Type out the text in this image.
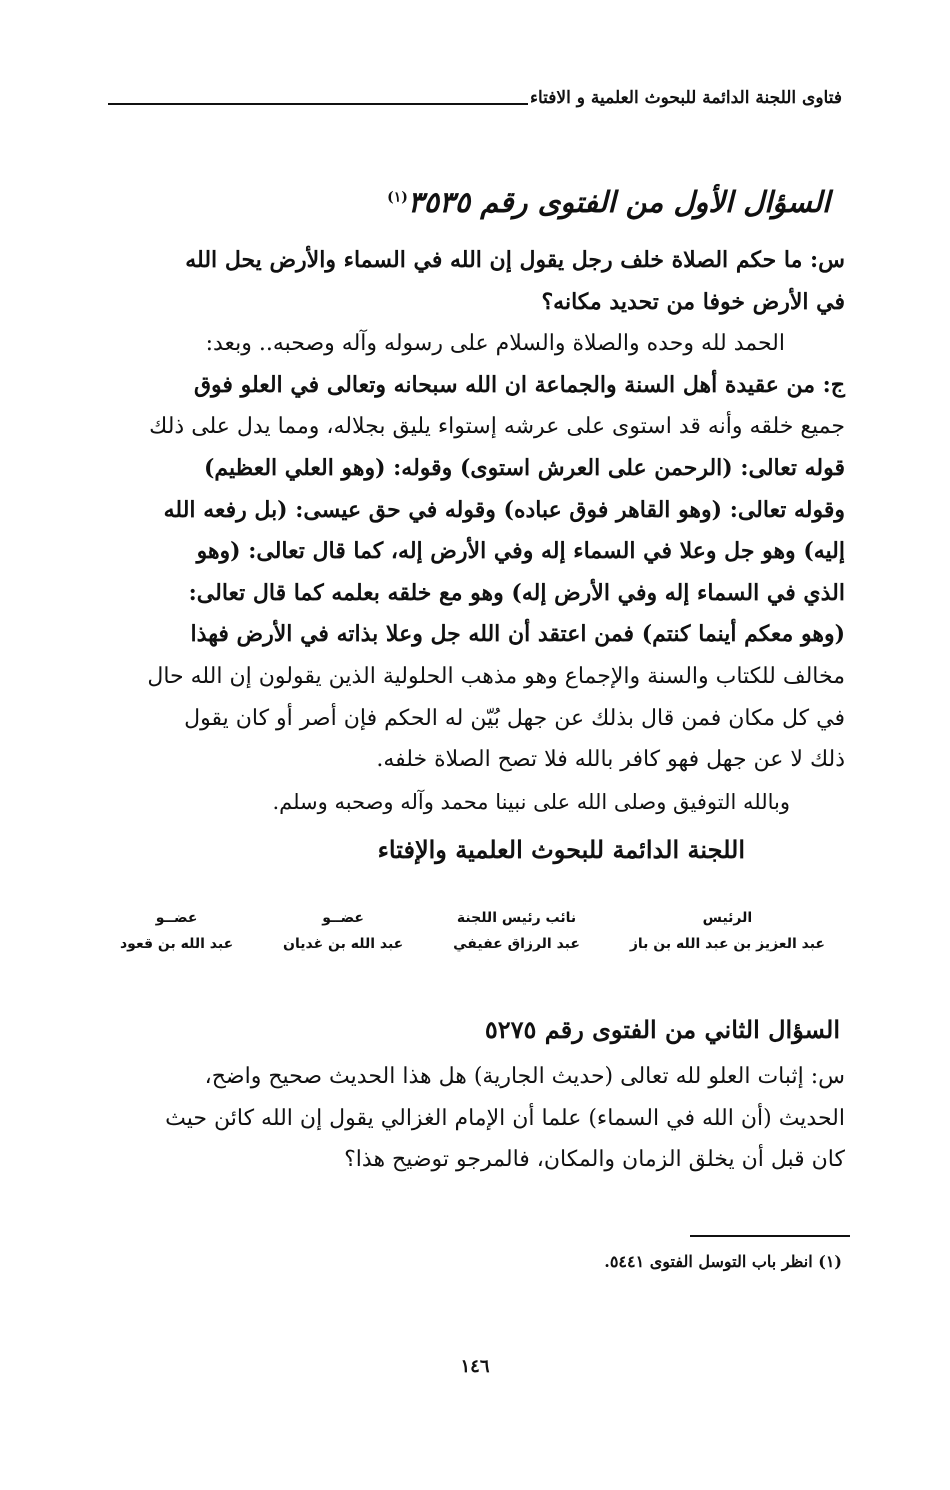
فتاوى اللجنة الدائمة للبحوث العلمية و الافتاء
السؤال الأول من الفتوى رقم ٣٥٣٥$^{(١)}$
س: ما حكم الصلاة خلف رجل يقول إن الله في السماء والأرض يحل الله
في الأرض خوفا من تحديد مكانه؟
الحمد لله وحده والصلاة والسلام على رسوله وآله وصحبه.. وبعد:
ج: من عقيدة أهل السنة والجماعة ان الله سبحانه وتعالى في العلو فوق
جميع خلقه وأنه قد استوى على عرشه إستواء يليق بجلاله، ومما يدل على ذلك
قوله تعالى: (الرحمن على العرش استوى) وقوله: (وهو العلي العظيم)
وقوله تعالى: (وهو القاهر فوق عباده) وقوله في حق عيسى: (بل رفعه الله
إليه) وهو جل وعلا في السماء إله وفي الأرض إله، كما قال تعالى: (وهو
الذي في السماء إله وفي الأرض إله) وهو مع خلقه بعلمه كما قال تعالى:
(وهو معكم أينما كنتم) فمن اعتقد أن الله جل وعلا بذاته في الأرض فهذا
مخالف للكتاب والسنة والإجماع وهو مذهب الحلولية الذين يقولون إن الله حال
في كل مكان فمن قال بذلك عن جهل بُيّن له الحكم فإن أصر أو كان يقول
ذلك لا عن جهل فهو كافر بالله فلا تصح الصلاة خلفه.
وبالله التوفيق وصلى الله على نبينا محمد وآله وصحبه وسلم.
اللجنة الدائمة للبحوث العلمية والإفتاء
الرئيس
عبد العزيز بن عبد الله بن باز
نائب رئيس اللجنة
عبد الرزاق عفيفي
عضــو
عبد الله بن غديان
عضــو
عبد الله بن قعود
السؤال الثاني من الفتوى رقم ٥٢٧٥
س: إثبات العلو لله تعالى (حديث الجارية) هل هذا الحديث صحيح واضح،
الحديث (أن الله في السماء) علما أن الإمام الغزالي يقول إن الله كائن حيث
كان قبل أن يخلق الزمان والمكان، فالمرجو توضيح هذا؟
(١) انظر باب التوسل الفتوى ٥٤٤١.
١٤٦
